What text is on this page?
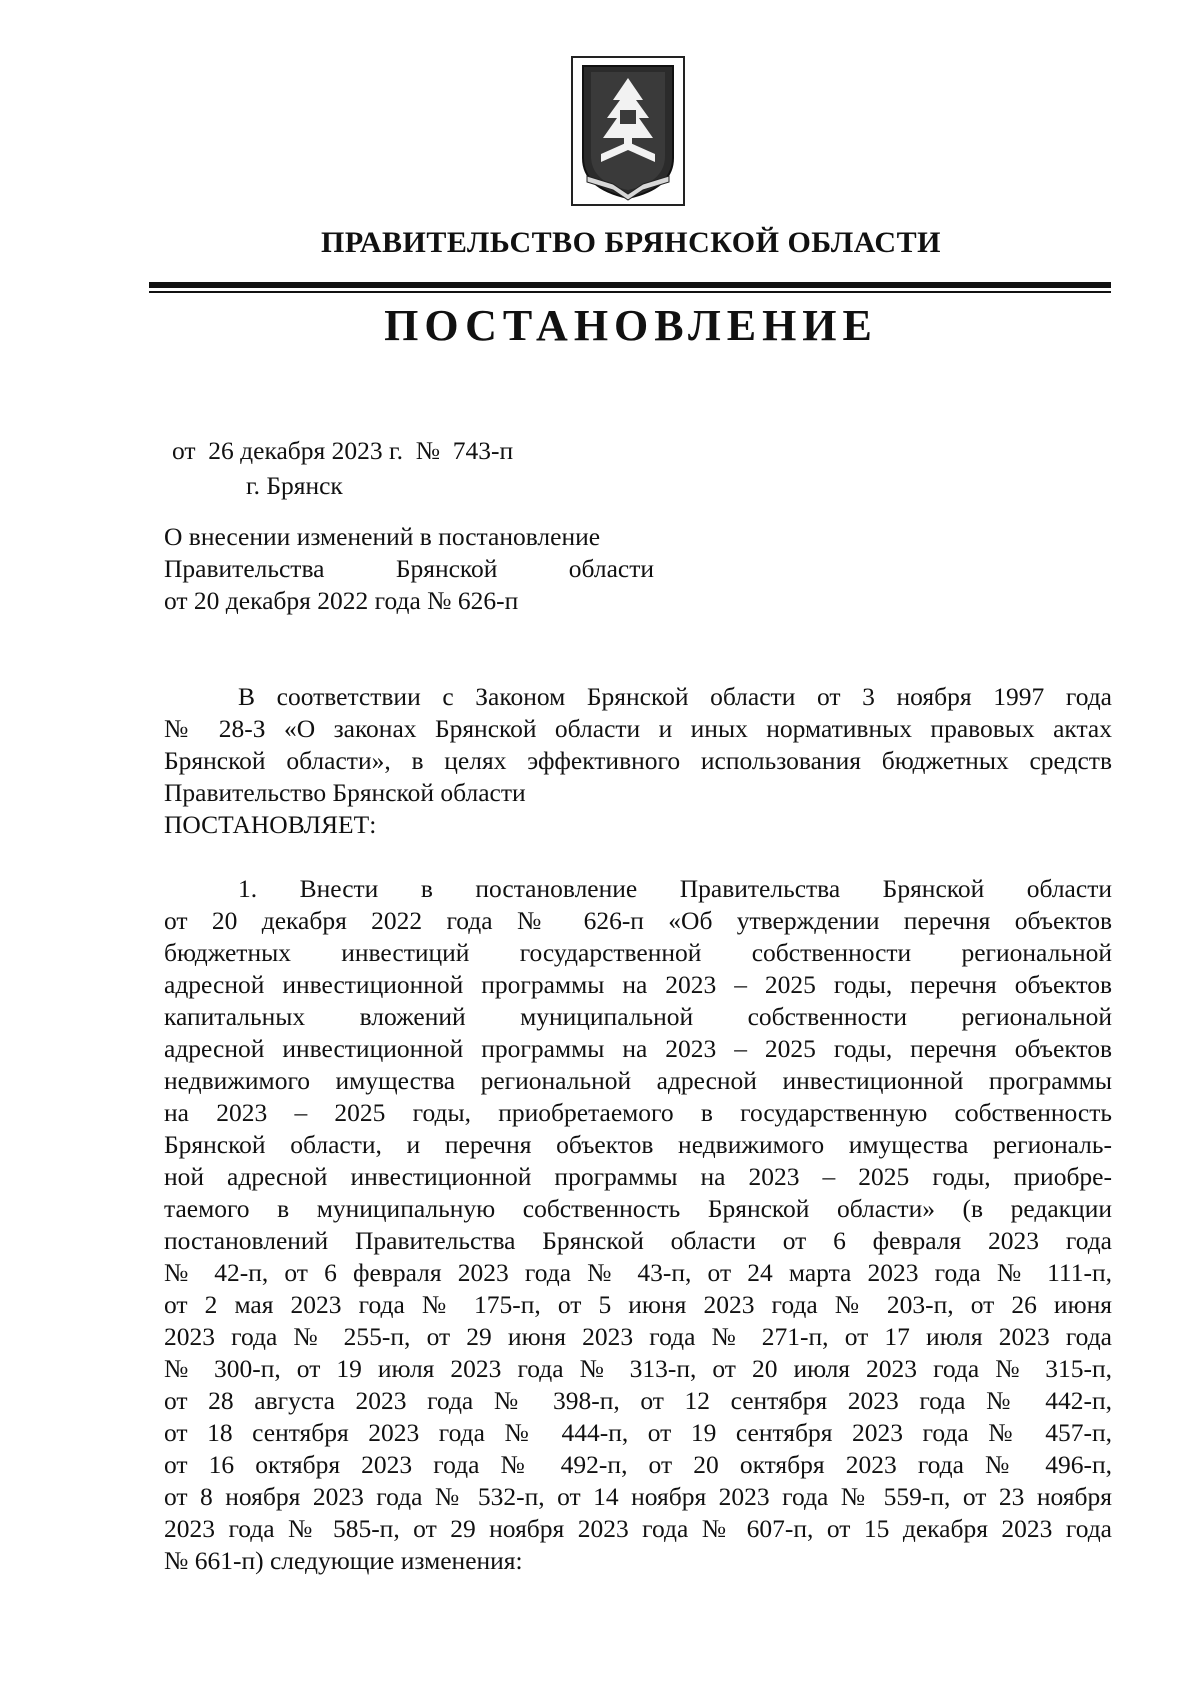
ПРАВИТЕЛЬСТВО БРЯНСКОЙ ОБЛАСТИ
ПОСТАНОВЛЕНИЕ
от  26 декабря 2023 г.  №  743-п
г. Брянск
О внесении изменений в постановление
Правительства Брянской области
от 20 декабря 2022 года № 626-п
В соответствии с Законом Брянской области от 3 ноября 1997 года
№ 28-З «О законах Брянской области и иных нормативных правовых актах
Брянской области», в целях эффективного использования бюджетных средств
Правительство Брянской области
ПОСТАНОВЛЯЕТ:
1. Внести в постановление Правительства Брянской области
от 20 декабря 2022 года № 626-п «Об утверждении перечня объектов
бюджетных инвестиций государственной собственности региональной
адресной инвестиционной программы на 2023 – 2025 годы, перечня объектов
капитальных вложений муниципальной собственности региональной
адресной инвестиционной программы на 2023 – 2025 годы, перечня объектов
недвижимого имущества региональной адресной инвестиционной программы
на 2023 – 2025 годы, приобретаемого в государственную собственность
Брянской области, и перечня объектов недвижимого имущества региональ-
ной адресной инвестиционной программы на 2023 – 2025 годы, приобре-
таемого в муниципальную собственность Брянской области» (в редакции
постановлений Правительства Брянской области от 6 февраля 2023 года
№ 42-п, от 6 февраля 2023 года № 43-п, от 24 марта 2023 года № 111-п,
от 2 мая 2023 года № 175-п, от 5 июня 2023 года № 203-п, от 26 июня
2023 года № 255-п, от 29 июня 2023 года № 271-п, от 17 июля 2023 года
№ 300-п, от 19 июля 2023 года № 313-п, от 20 июля 2023 года № 315-п,
от 28 августа 2023 года № 398-п, от 12 сентября 2023 года № 442-п,
от 18 сентября 2023 года № 444-п, от 19 сентября 2023 года № 457-п,
от 16 октября 2023 года № 492-п, от 20 октября 2023 года № 496-п,
от 8 ноября 2023 года № 532-п, от 14 ноября 2023 года № 559-п, от 23 ноября
2023 года № 585-п, от 29 ноября 2023 года № 607-п, от 15 декабря 2023 года
№ 661-п) следующие изменения:
